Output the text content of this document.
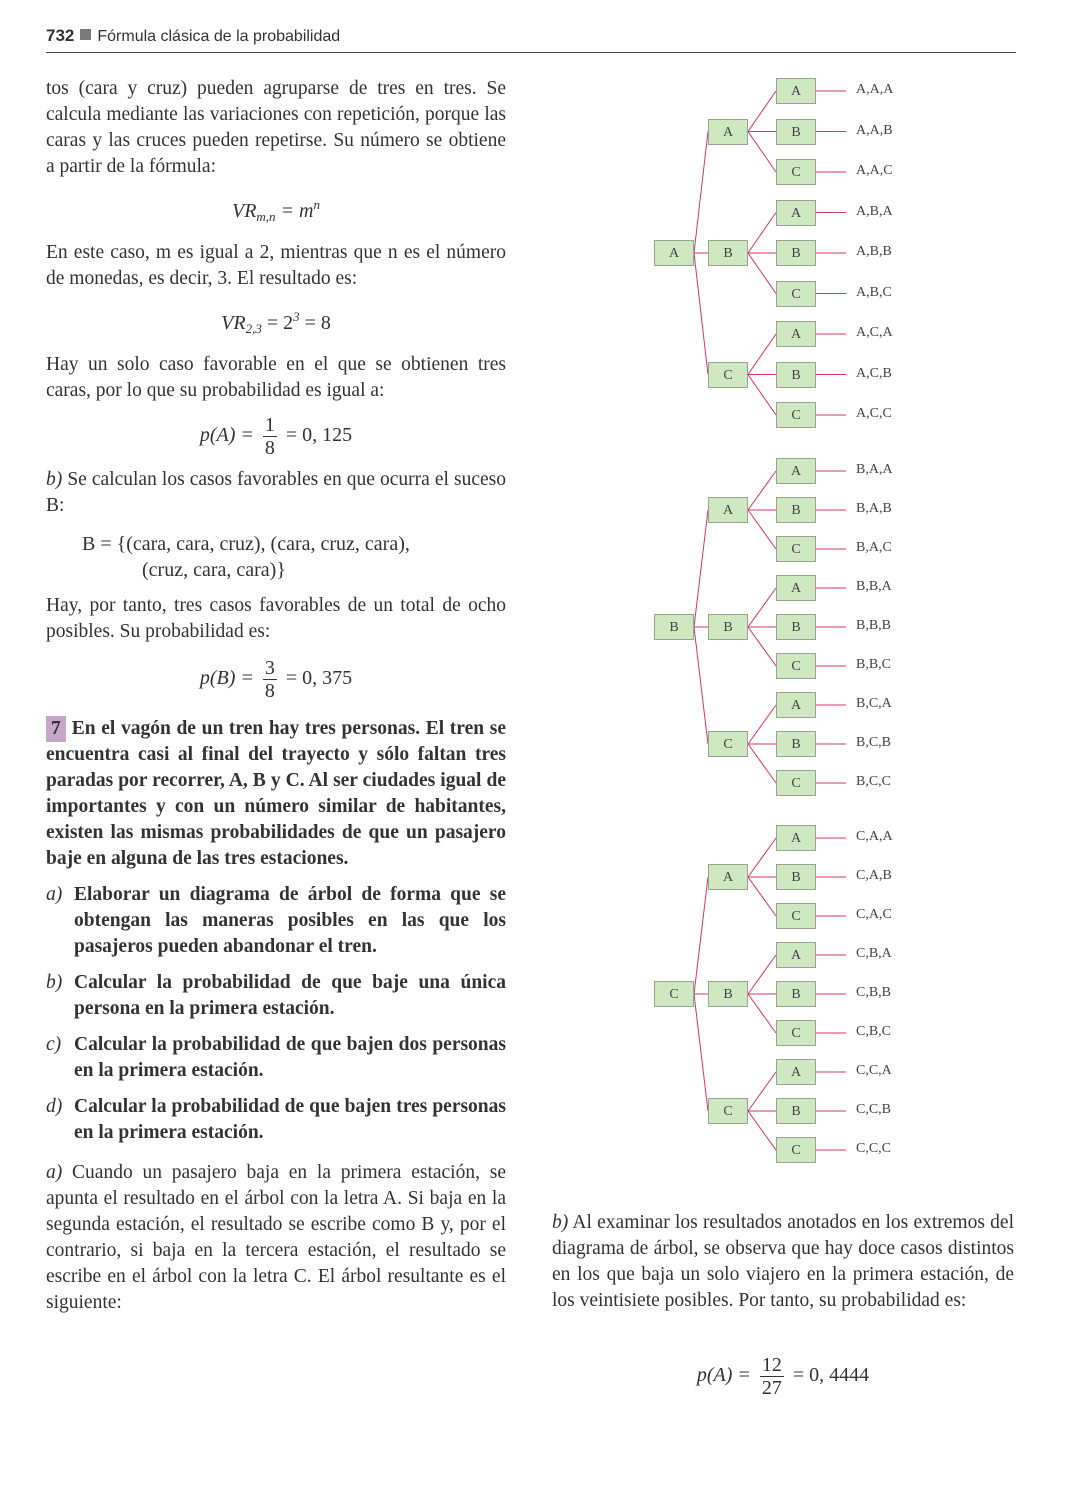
732 Fórmula clásica de la probabilidad

tos (cara y cruz) pueden agruparse de tres en tres. Se calcula mediante las variaciones con repetición, porque las caras y las cruces pueden repetirse. Su número se obtiene a partir de la fórmula:

$VR_{m,n} = m^n$

En este caso, m es igual a 2, mientras que n es el número de monedas, es decir, 3. El resultado es:

$VR_{2,3} = 2^3 = 8$

Hay un solo caso favorable en el que se obtienen tres caras, por lo que su probabilidad es igual a:

$p(A) = \frac{1}{8} = 0$, 125

b) Se calculan los casos favorables en que ocurra el suceso B:

B = {(cara, cara, cruz), (cara, cruz, cara),
(cruz, cara, cara)}

Hay, por tanto, tres casos favorables de un total de ocho posibles. Su probabilidad es:

$p(B) = \frac{3}{8} = 0$, 375

7 En el vagón de un tren hay tres personas. El tren se encuentra casi al final del trayecto y sólo faltan tres paradas por recorrer, A, B y C. Al ser ciudades igual de importantes y con un número similar de habitantes, existen las mismas probabilidades de que un pasajero baje en alguna de las tres estaciones.

a) Elaborar un diagrama de árbol de forma que se obtengan las maneras posibles en las que los pasajeros pueden abandonar el tren.
b) Calcular la probabilidad de que baje una única persona en la primera estación.
c) Calcular la probabilidad de que bajen dos personas en la primera estación.
d) Calcular la probabilidad de que bajen tres personas en la primera estación.

a) Cuando un pasajero baja en la primera estación, se apunta el resultado en el árbol con la letra A. Si baja en la segunda estación, el resultado se escribe como B y, por el contrario, si baja en la tercera estación, el resultado se escribe en el árbol con la letra C. El árbol resultante es el siguiente:

A
A
A	A,A,A
B	A,A,B
C	A,A,C
B
A	A,B,A
B	A,B,B
C	A,B,C
C
A	A,C,A
B	A,C,B
C	A,C,C
B
A
A	B,A,A
B	B,A,B
C	B,A,C
B
A	B,B,A
B	B,B,B
C	B,B,C
C
A	B,C,A
B	B,C,B
C	B,C,C
C
A
A	C,A,A
B	C,A,B
C	C,A,C
B
A	C,B,A
B	C,B,B
C	C,B,C
C
A	C,C,A
B	C,C,B
C	C,C,C

b) Al examinar los resultados anotados en los extremos del diagrama de árbol, se observa que hay doce casos distintos en los que baja un solo viajero en la primera estación, de los veintisiete posibles. Por tanto, su probabilidad es:

$p(A) = \frac{12}{27} = 0$, 4444
